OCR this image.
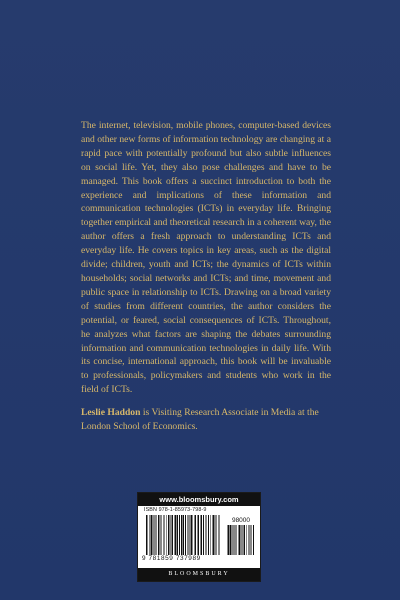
The internet, television, mobile phones, computer-based devices and other new forms of information technology are changing at a rapid pace with potentially profound but also subtle influences on social life. Yet, they also pose challenges and have to be managed. This book offers a succinct introduction to both the experience and implications of these information and communication technologies (ICTs) in everyday life. Bringing together empirical and theoretical research in a coherent way, the author offers a fresh approach to understanding ICTs and everyday life. He covers topics in key areas, such as the digital divide; children, youth and ICTs; the dynamics of ICTs within households; social networks and ICTs; and time, movement and public space in relationship to ICTs. Drawing on a broad variety of studies from different countries, the author considers the potential, or feared, social consequences of ICTs. Throughout, he analyzes what factors are shaping the debates surrounding information and communication technologies in daily life. With its concise, international approach, this book will be invaluable to professionals, policymakers and students who work in the field of ICTs.

Leslie Haddon is Visiting Research Associate in Media at the London School of Economics.
www.bloomsbury.com
ISBN 978-1-85973-798-9
98000
9 781859 737989
BLOOMSBURY
